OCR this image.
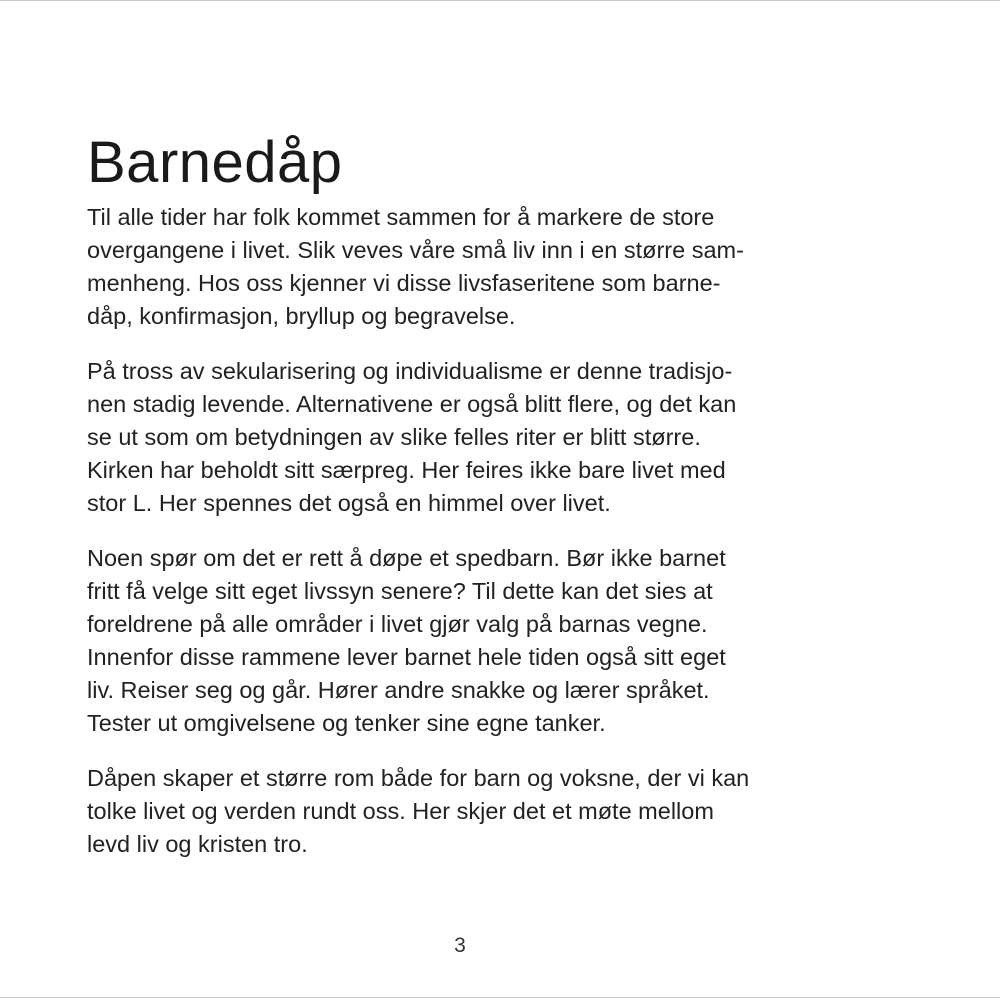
Barnedåp

Til alle tider har folk kommet sammen for å markere de store
overgangene i livet. Slik veves våre små liv inn i en større sam-
menheng. Hos oss kjenner vi disse livsfaseritene som barne-
dåp, konfirmasjon, bryllup og begravelse.

På tross av sekularisering og individualisme er denne tradisjo-
nen stadig levende. Alternativene er også blitt flere, og det kan
se ut som om betydningen av slike felles riter er blitt større.
Kirken har beholdt sitt særpreg. Her feires ikke bare livet med
stor L. Her spennes det også en himmel over livet.

Noen spør om det er rett å døpe et spedbarn. Bør ikke barnet
fritt få velge sitt eget livssyn senere? Til dette kan det sies at
foreldrene på alle områder i livet gjør valg på barnas vegne.
Innenfor disse rammene lever barnet hele tiden også sitt eget
liv. Reiser seg og går. Hører andre snakke og lærer språket.
Tester ut omgivelsene og tenker sine egne tanker.

Dåpen skaper et større rom både for barn og voksne, der vi kan
tolke livet og verden rundt oss. Her skjer det et møte mellom
levd liv og kristen tro.

3
